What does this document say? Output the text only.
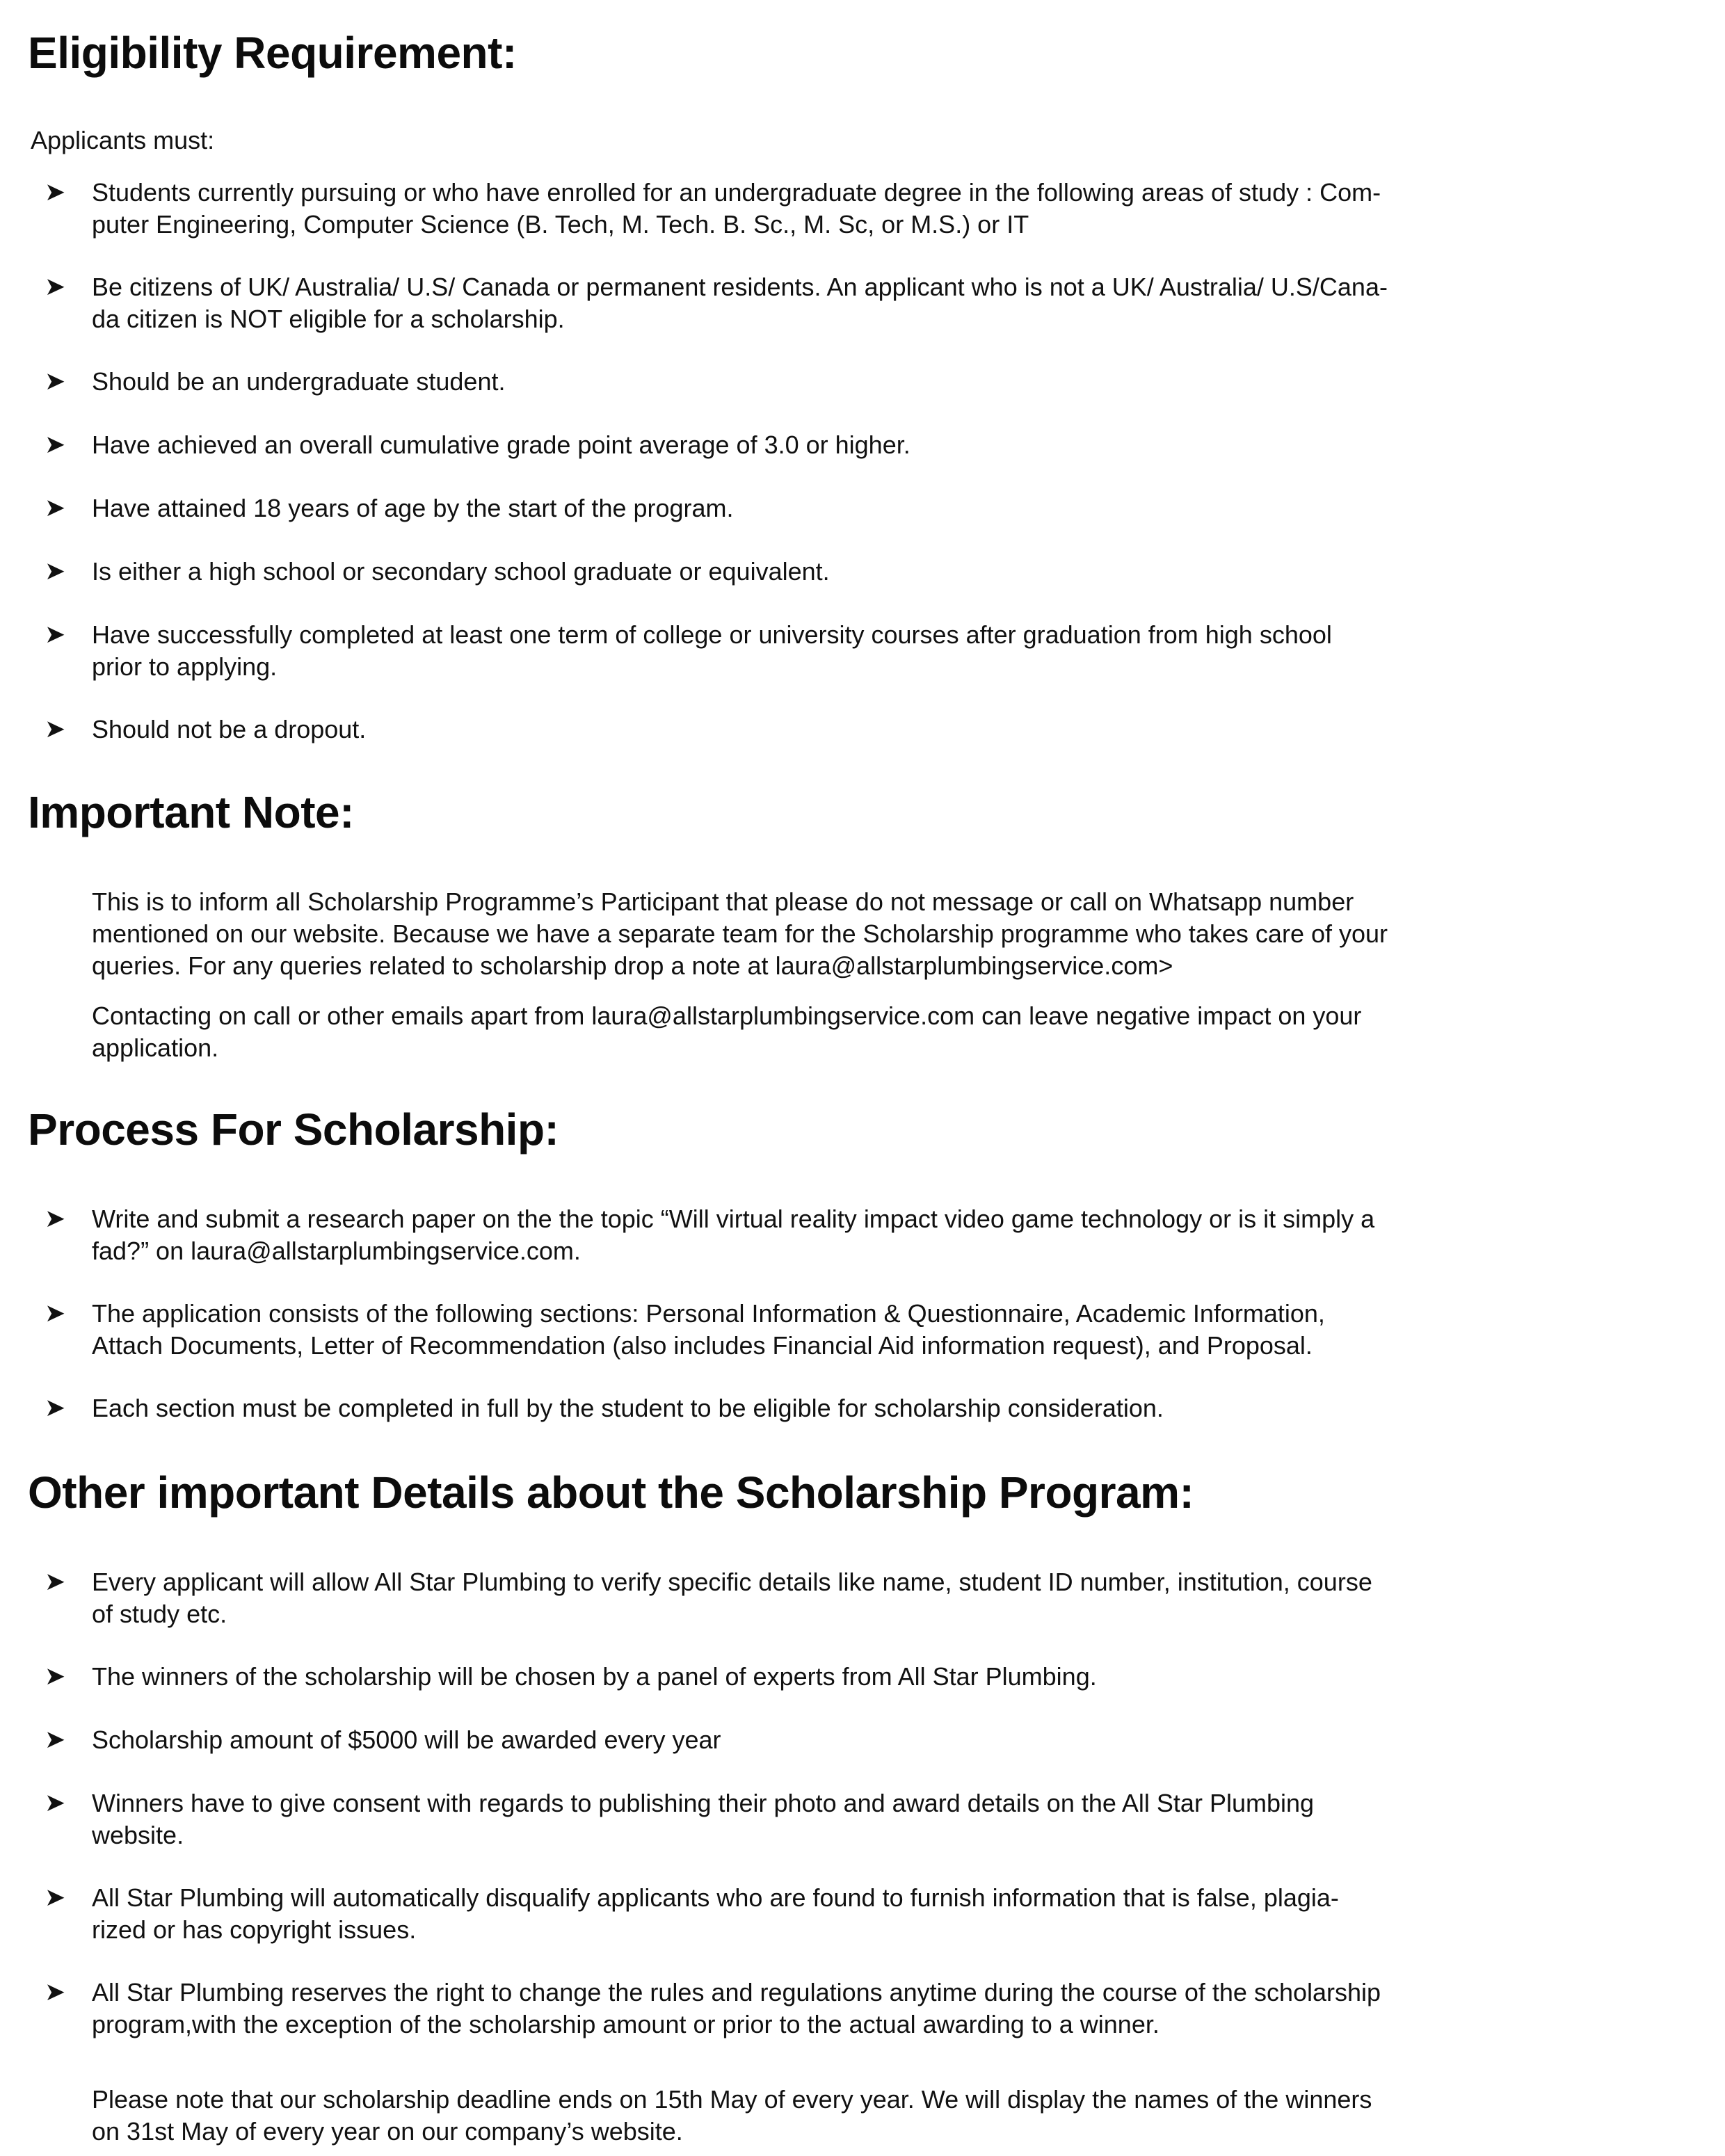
Eligibility Requirement:

Applicants must:

➤ Students currently pursuing or who have enrolled for an undergraduate degree in the following areas of study : Com-
puter Engineering, Computer Science (B. Tech, M. Tech. B. Sc., M. Sc, or M.S.) or IT

➤ Be citizens of UK/ Australia/ U.S/ Canada or permanent residents. An applicant who is not a UK/ Australia/ U.S/Cana-
da citizen is NOT eligible for a scholarship.

➤ Should be an undergraduate student.

➤ Have achieved an overall cumulative grade point average of 3.0 or higher.

➤ Have attained 18 years of age by the start of the program.

➤ Is either a high school or secondary school graduate or equivalent.

➤ Have successfully completed at least one term of college or university courses after graduation from high school
prior to applying.

➤ Should not be a dropout.

Important Note:

This is to inform all Scholarship Programme’s Participant that please do not message or call on Whatsapp number
mentioned on our website. Because we have a separate team for the Scholarship programme who takes care of your
queries. For any queries related to scholarship drop a note at laura@allstarplumbingservice.com>

Contacting on call or other emails apart from laura@allstarplumbingservice.com can leave negative impact on your
application.

Process For Scholarship:
➤ Write and submit a research paper on the the topic “Will virtual reality impact video game technology or is it simply a
fad?” on laura@allstarplumbingservice.com.

➤ The application consists of the following sections: Personal Information & Questionnaire, Academic Information,
Attach Documents, Letter of Recommendation (also includes Financial Aid information request), and Proposal.

➤ Each section must be completed in full by the student to be eligible for scholarship consideration.

Other important Details about the Scholarship Program:
➤ Every applicant will allow All Star Plumbing to verify specific details like name, student ID number, institution, course
of study etc.

➤ The winners of the scholarship will be chosen by a panel of experts from All Star Plumbing.

➤ Scholarship amount of $5000 will be awarded every year

➤ Winners have to give consent with regards to publishing their photo and award details on the All Star Plumbing
website.

➤ All Star Plumbing will automatically disqualify applicants who are found to furnish information that is false, plagia-
rized or has copyright issues.

➤ All Star Plumbing reserves the right to change the rules and regulations anytime during the course of the scholarship
program,with the exception of the scholarship amount or prior to the actual awarding to a winner.

Please note that our scholarship deadline ends on 15th May of every year. We will display the names of the winners
on 31st May of every year on our company’s website.
